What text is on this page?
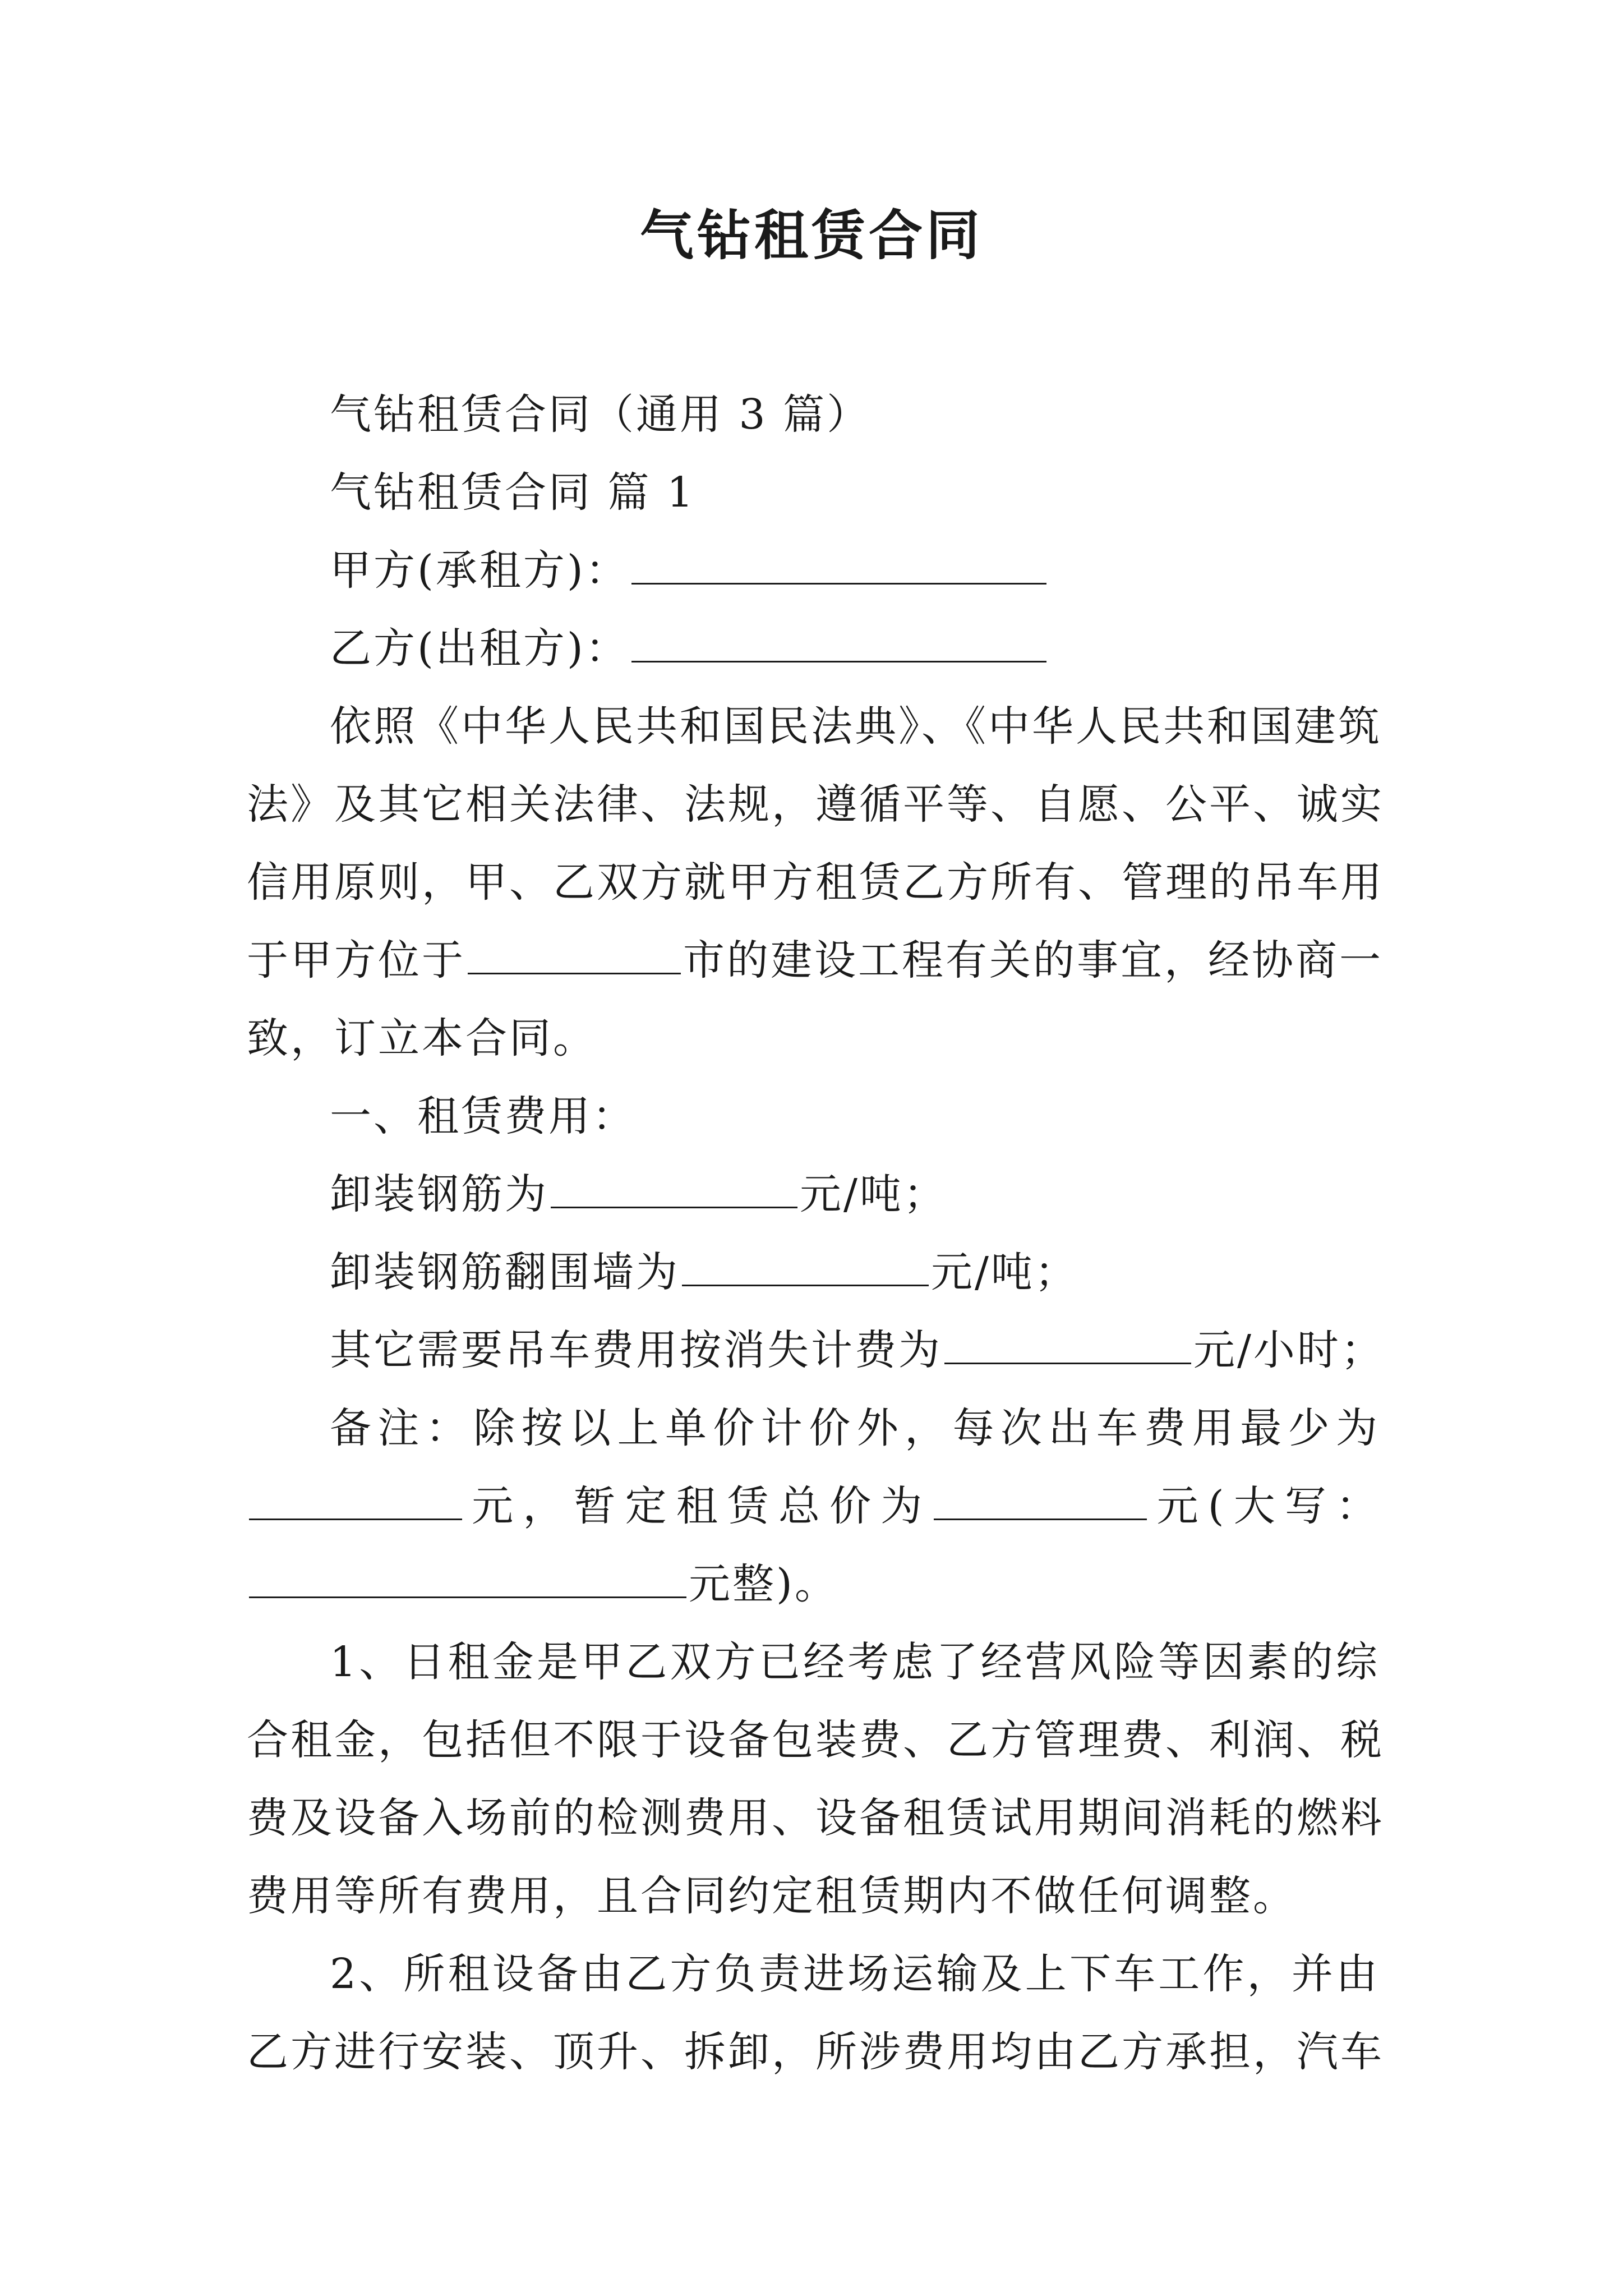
气钻租赁合同
气钻租赁合同（通用 3 篇）
气钻租赁合同 篇 1
甲方(承租方)：
乙方(出租方)：
依照《中华人民共和国民法典》、《中华人民共和国建筑
法》及其它相关法律、法规，遵循平等、自愿、公平、诚实
信用原则，甲、乙双方就甲方租赁乙方所有、管理的吊车用
于甲方位于	市的建设工程有关的事宜，经协商一
致，订立本合同。
一、租赁费用：
卸装钢筋为	元/吨；
卸装钢筋翻围墙为	元/吨；
其它需要吊车费用按消失计费为	元/小时；
备注：除按以上单价计价外，每次出车费用最少为
元，暂定租赁总价为	元(大写：
元整)。
1、日租金是甲乙双方已经考虑了经营风险等因素的综
合租金，包括但不限于设备包装费、乙方管理费、利润、税
费及设备入场前的检测费用、设备租赁试用期间消耗的燃料
费用等所有费用，且合同约定租赁期内不做任何调整。
2、所租设备由乙方负责进场运输及上下车工作，并由
乙方进行安装、顶升、拆卸，所涉费用均由乙方承担，汽车
